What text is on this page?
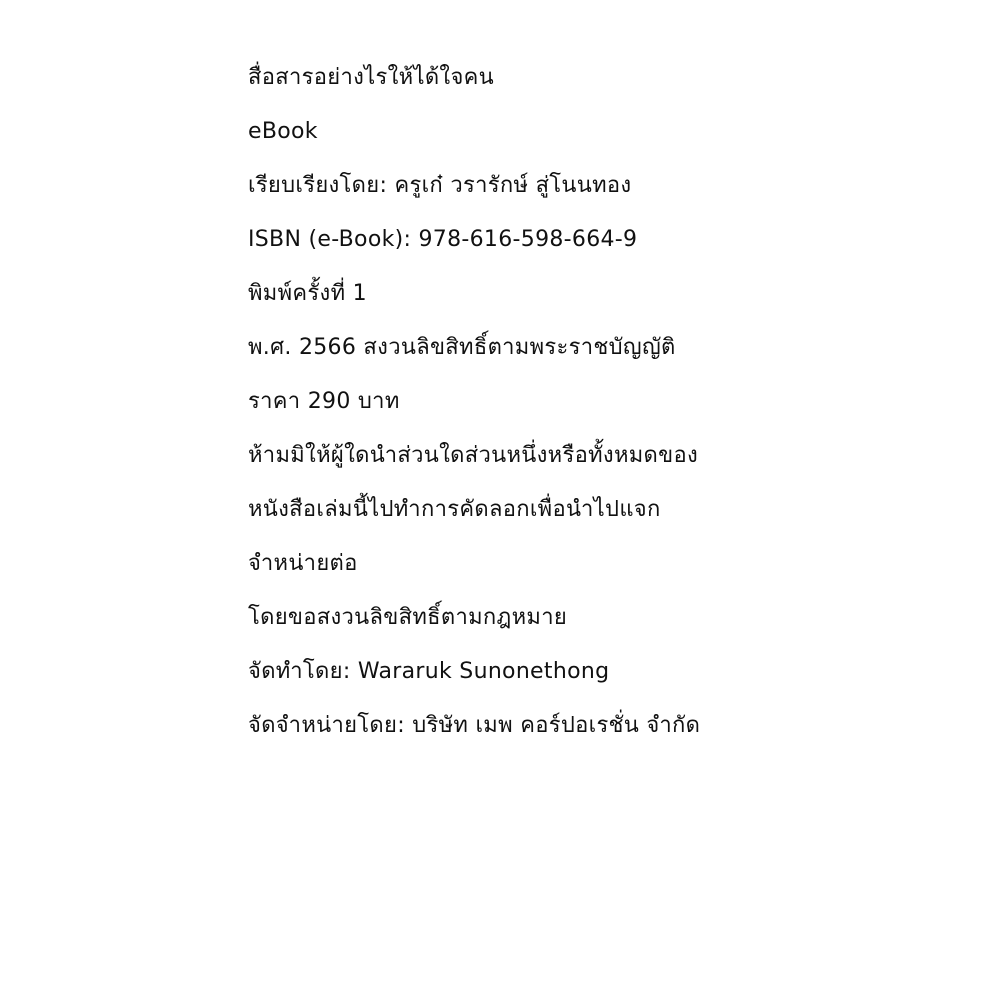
สื่อสารอย่างไรให้ได้ใจคน
eBook
เรียบเรียงโดย: ครูเก๋ วรารักษ์ สู่โนนทอง
ISBN (e-Book): 978-616-598-664-9
พิมพ์ครั้งที่ 1
พ.ศ. 2566 สงวนลิขสิทธิ์ตามพระราชบัญญัติ
ราคา 290 บาท
ห้ามมิให้ผู้ใดนำส่วนใดส่วนหนึ่งหรือทั้งหมดของ
หนังสือเล่มนี้ไปทำการคัดลอกเพื่อนำไปแจก
จำหน่ายต่อ
โดยขอสงวนลิขสิทธิ์ตามกฎหมาย
จัดทำโดย: Wararuk Sunonethong
จัดจำหน่ายโดย: บริษัท เมพ คอร์ปอเรชั่น จำกัด
